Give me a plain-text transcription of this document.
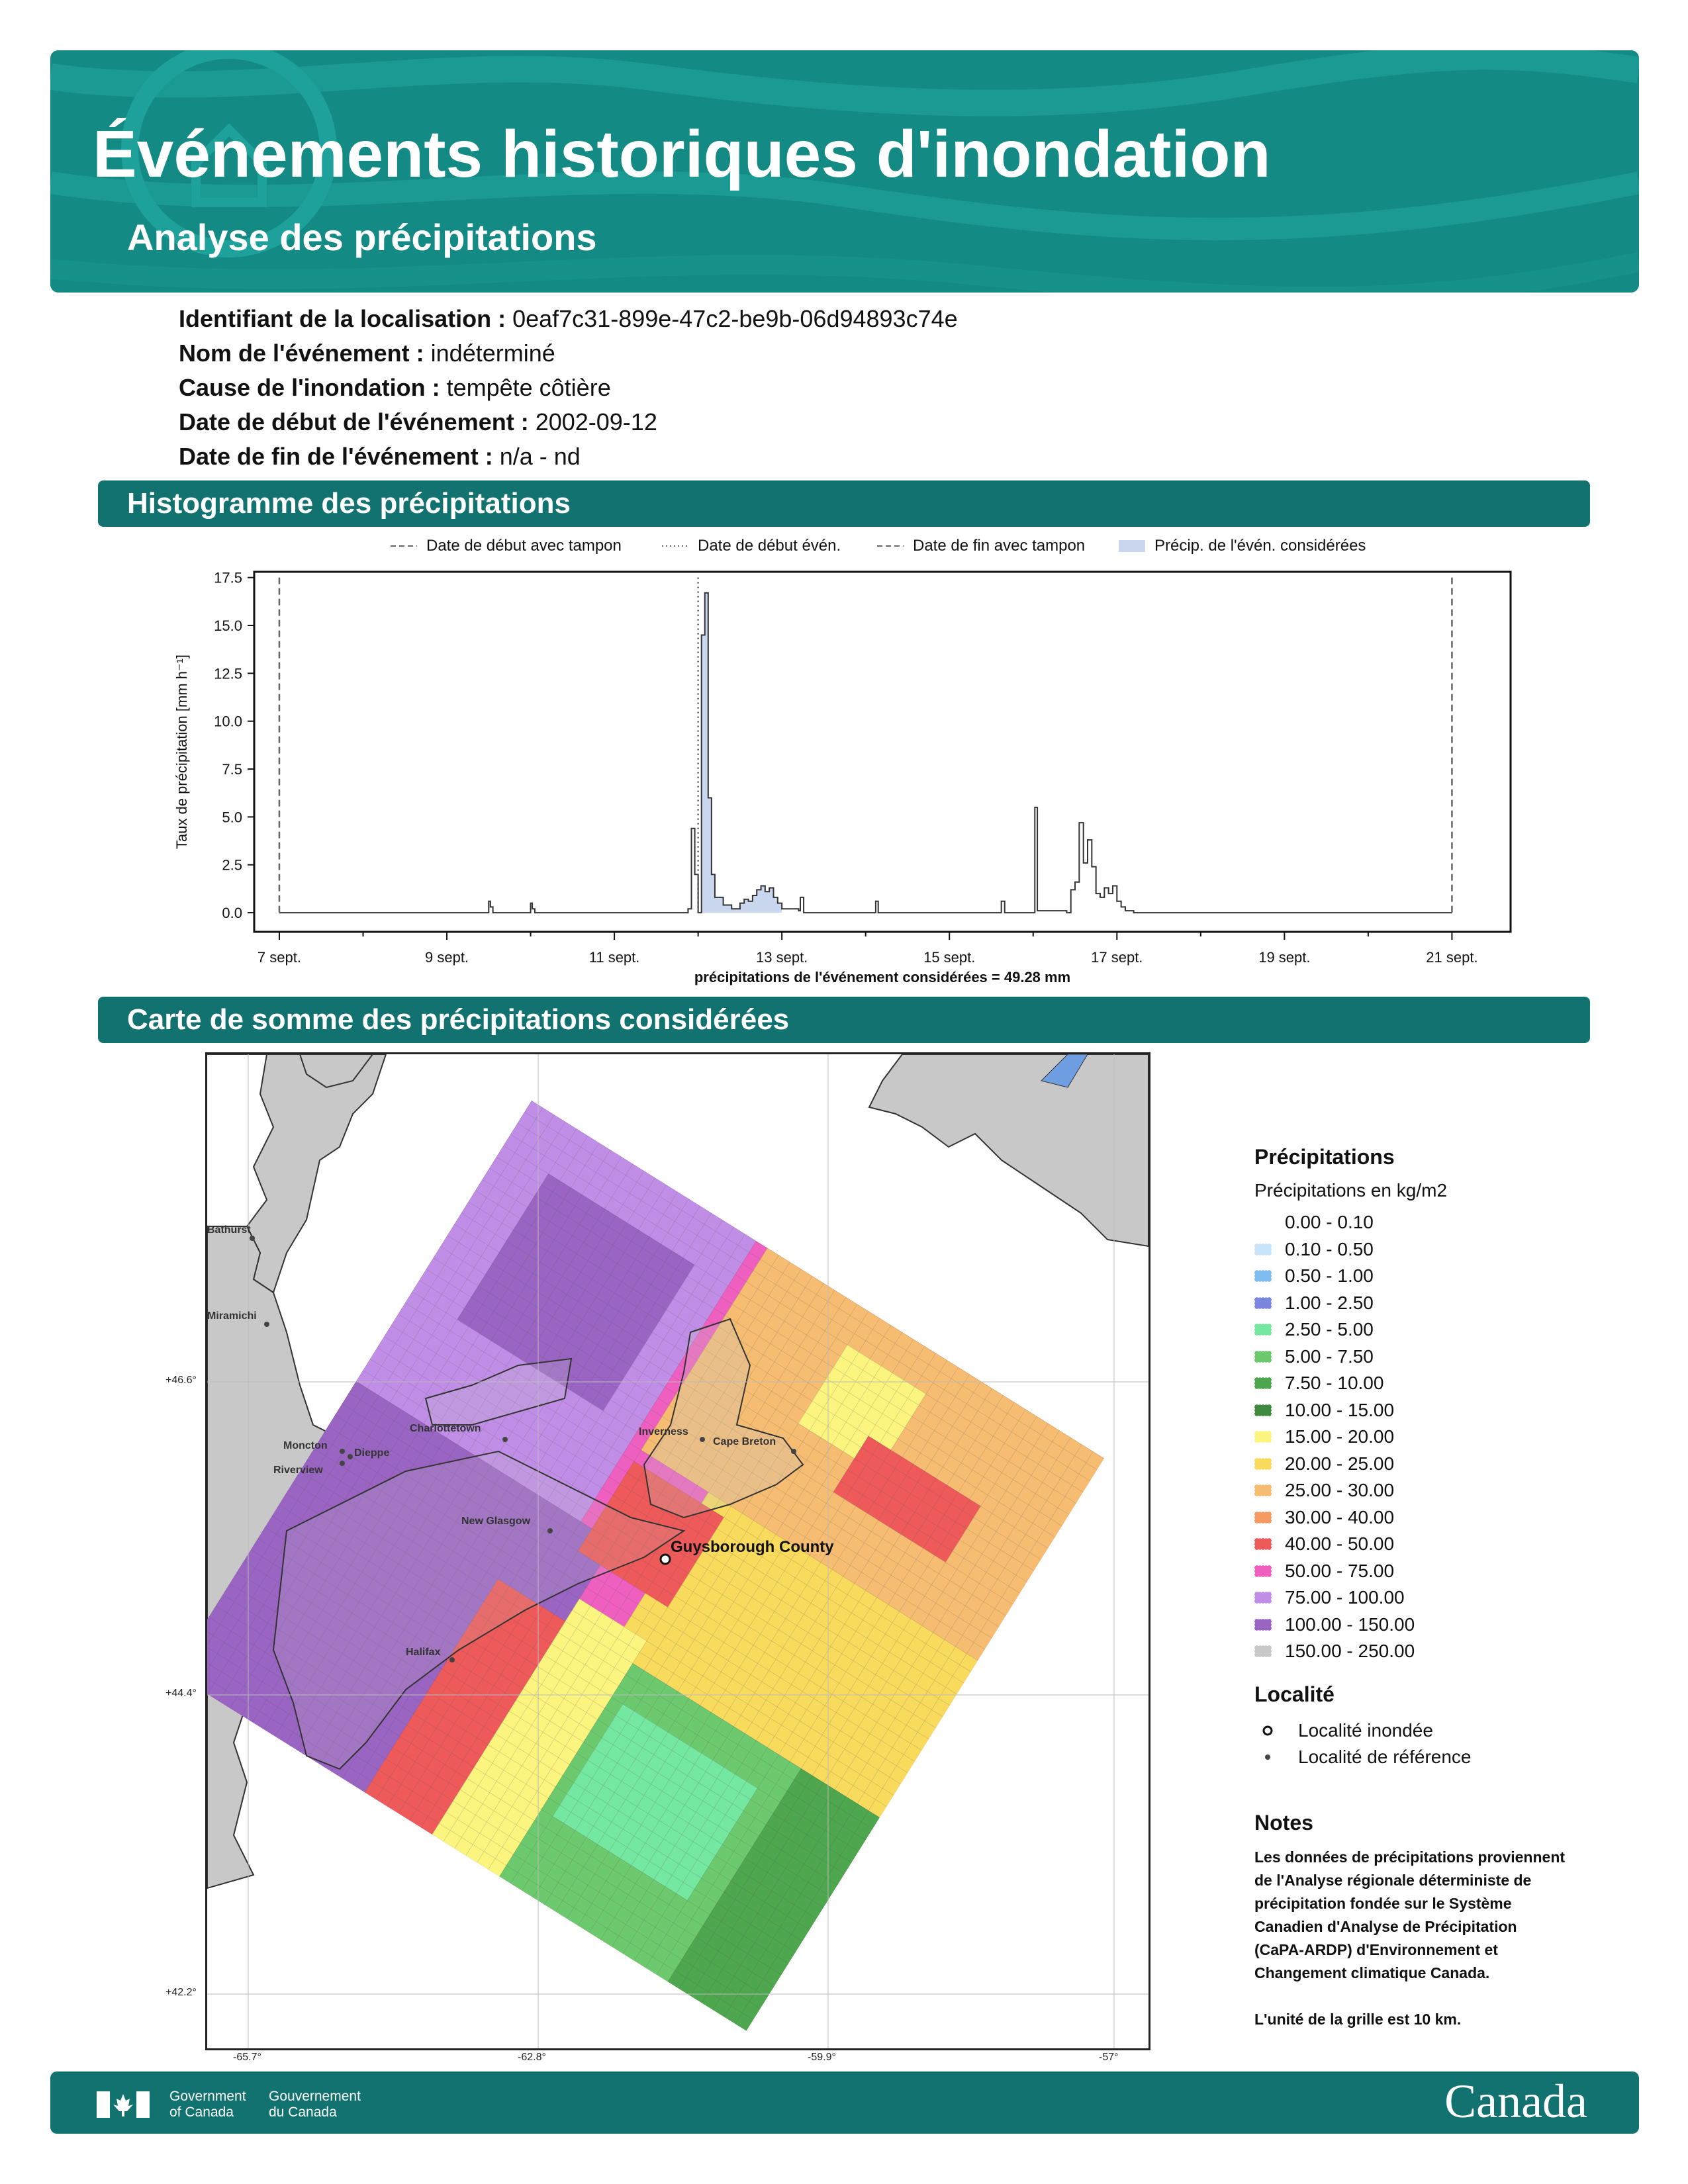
Événements historiques d'inondation
Analyse des précipitations
Identifiant de la localisation : 0eaf7c31-899e-47c2-be9b-06d94893c74e
Nom de l'événement : indéterminé
Cause de l'inondation : tempête côtière
Date de début de l'événement : 2002-09-12
Date de fin de l'événement : n/a - nd
Histogramme des précipitations
Date de début avec tampon	Date de début évén.	Date de fin avec tampon	Précip. de l'évén. considérées
0.0
2.5
5.0
7.5
10.0
12.5
15.0
17.5
7 sept.	9 sept.	11 sept.	13 sept.	15 sept.	17 sept.	19 sept.	21 sept.
précipitations de l'événement considérées = 49.28 mm
Taux de précipitation [mm h⁻¹]
Carte de somme des précipitations considérées
Bathurst
Miramichi
Charlottetown
Moncton
Dieppe
Riverview
Inverness
Cape Breton
New Glasgow
Halifax
Guysborough County
+46.6°
+44.4°
+42.2°
-65.7°	-62.8°	-59.9°	-57°
Précipitations
Précipitations en kg/m2
0.00 - 0.10
0.10 - 0.50
0.50 - 1.00
1.00 - 2.50
2.50 - 5.00
5.00 - 7.50
7.50 - 10.00
10.00 - 15.00
15.00 - 20.00
20.00 - 25.00
25.00 - 30.00
30.00 - 40.00
40.00 - 50.00
50.00 - 75.00
75.00 - 100.00
100.00 - 150.00
150.00 - 250.00
Localité
Localité inondée
Localité de référence
Notes
Les données de précipitations proviennent
de l'Analyse régionale déterministe de
précipitation fondée sur le Système
Canadien d'Analyse de Précipitation
(CaPA-ARDP) d'Environnement et
Changement climatique Canada.
L'unité de la grille est 10 km.
Government
of Canada
Gouvernement
du Canada	Canada
